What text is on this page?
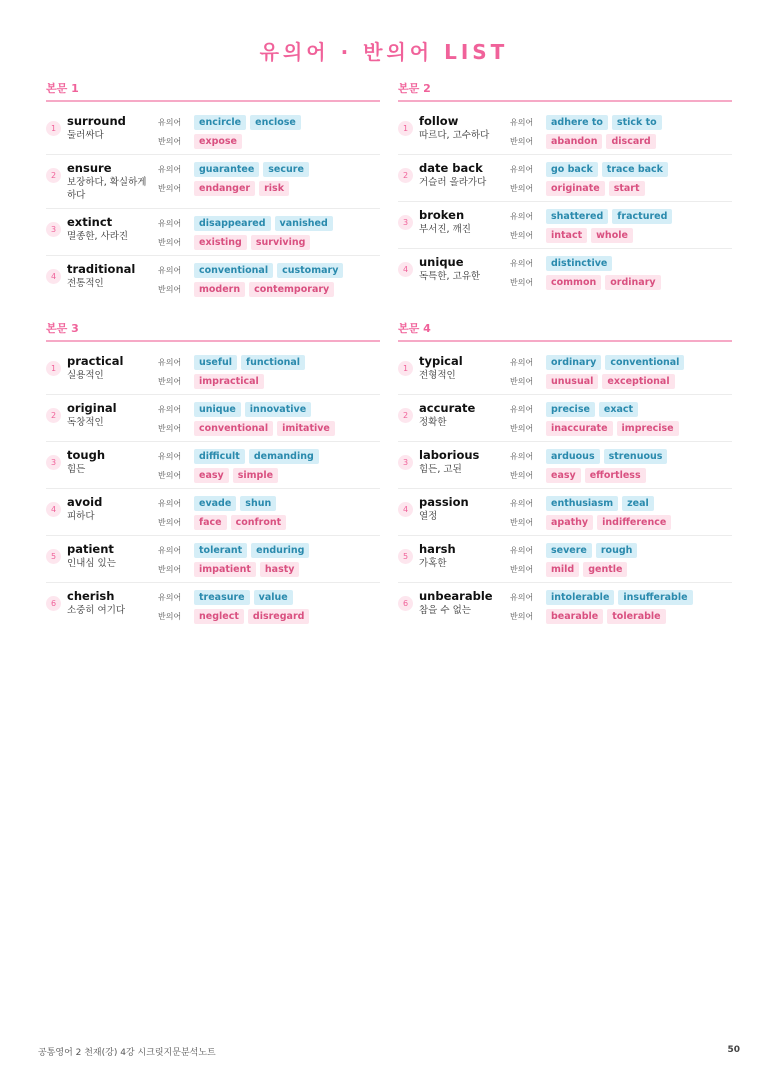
유의어 · 반의어 LIST
본문 1
1
surround
둘러싸다
유의어	encircle	enclose
반의어	expose
2
ensure
보장하다, 확실하게 하다
유의어	guarantee	secure
반의어	endanger	risk
3
extinct
멸종한, 사라진
유의어	disappeared	vanished
반의어	existing	surviving
4
traditional
전통적인
유의어	conventional	customary
반의어	modern	contemporary
본문 2
1
follow
따르다, 고수하다
유의어	adhere to	stick to
반의어	abandon	discard
2
date back
거슬러 올라가다
유의어	go back	trace back
반의어	originate	start
3
broken
부서진, 깨진
유의어	shattered	fractured
반의어	intact	whole
4
unique
독특한, 고유한
유의어	distinctive
반의어	common	ordinary
본문 3
1
practical
실용적인
유의어	useful	functional
반의어	impractical
2
original
독창적인
유의어	unique	innovative
반의어	conventional	imitative
3
tough
힘든
유의어	difficult	demanding
반의어	easy	simple
4
avoid
피하다
유의어	evade	shun
반의어	face	confront
5
patient
인내심 있는
유의어	tolerant	enduring
반의어	impatient	hasty
6
cherish
소중히 여기다
유의어	treasure	value
반의어	neglect	disregard
본문 4
1
typical
전형적인
유의어	ordinary	conventional
반의어	unusual	exceptional
2
accurate
정확한
유의어	precise	exact
반의어	inaccurate	imprecise
3
laborious
힘든, 고된
유의어	arduous	strenuous
반의어	easy	effortless
4
passion
열정
유의어	enthusiasm	zeal
반의어	apathy	indifference
5
harsh
가혹한
유의어	severe	rough
반의어	mild	gentle
6
unbearable
참을 수 없는
유의어	intolerable	insufferable
반의어	bearable	tolerable
공통영어 2 천재(강) 4강 시크릿지문분석노트	50
